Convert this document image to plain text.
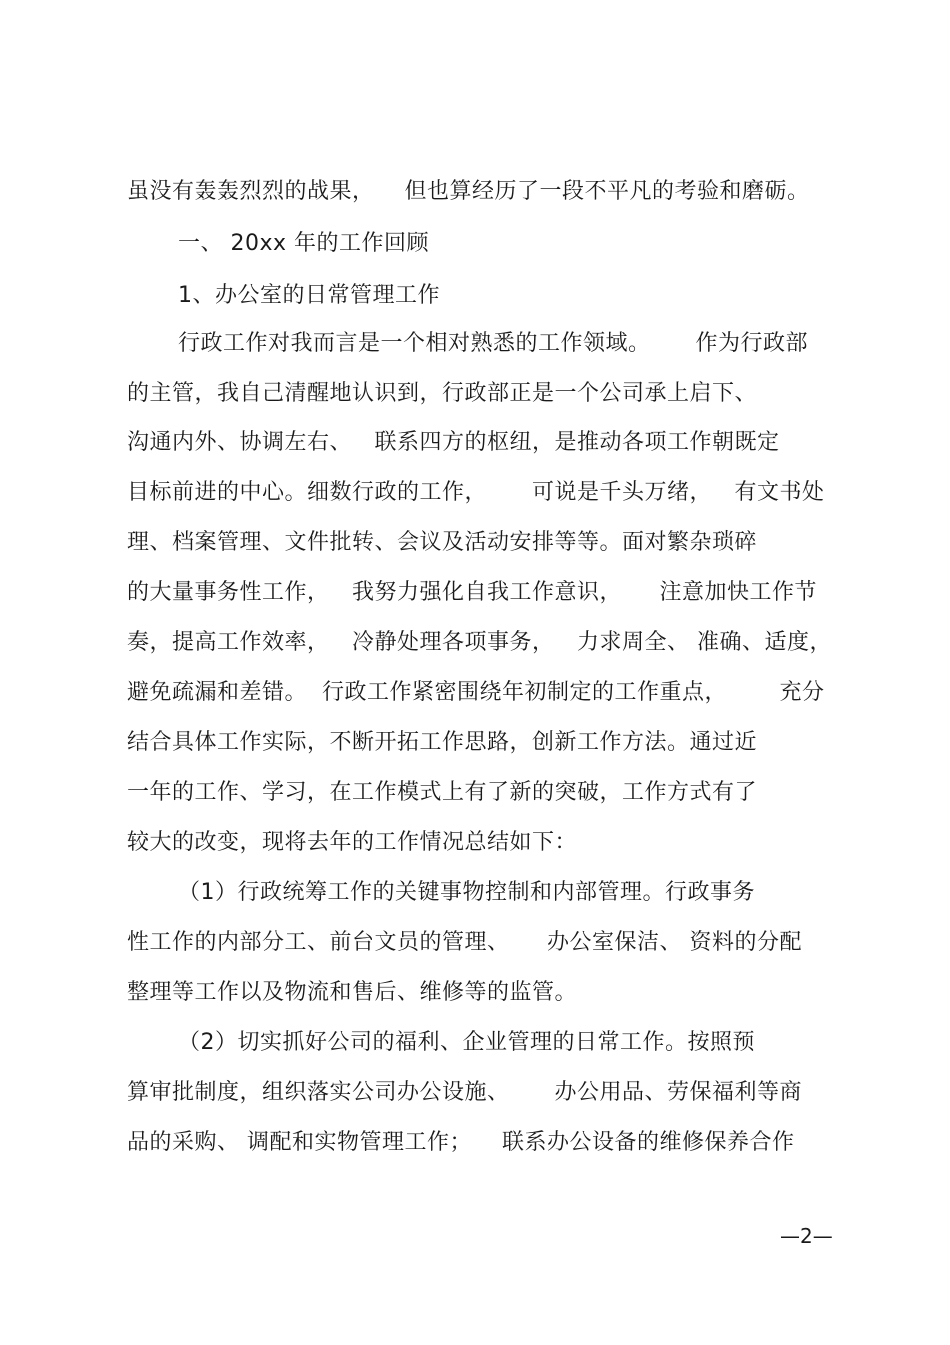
虽没有轰轰烈烈的战果，    但也算经历了一段不平凡的考验和磨砺。
一、 20xx 年的工作回顾
1、办公室的日常管理工作
行政工作对我而言是一个相对熟悉的工作领域。      作为行政部
的主管，我自己清醒地认识到，行政部正是一个公司承上启下、
沟通内外、协调左右、   联系四方的枢纽，是推动各项工作朝既定
目标前进的中心。细数行政的工作，      可说是千头万绪，   有文书处
理、档案管理、文件批转、会议及活动安排等等。面对繁杂琐碎
的大量事务性工作，   我努力强化自我工作意识，     注意加快工作节
奏，提高工作效率，   冷静处理各项事务，   力求周全、 准确、适度，
避免疏漏和差错。  行政工作紧密围绕年初制定的工作重点，       充分
结合具体工作实际，不断开拓工作思路，创新工作方法。通过近
一年的工作、学习，在工作模式上有了新的突破，工作方式有了
较大的改变，现将去年的工作情况总结如下：
（1）行政统筹工作的关键事物控制和内部管理。行政事务
性工作的内部分工、前台文员的管理、     办公室保洁、 资料的分配
整理等工作以及物流和售后、维修等的监管。
（2）切实抓好公司的福利、企业管理的日常工作。按照预
算审批制度，组织落实公司办公设施、      办公用品、劳保福利等商
品的采购、 调配和实物管理工作；    联系办公设备的维修保养合作
—2—
